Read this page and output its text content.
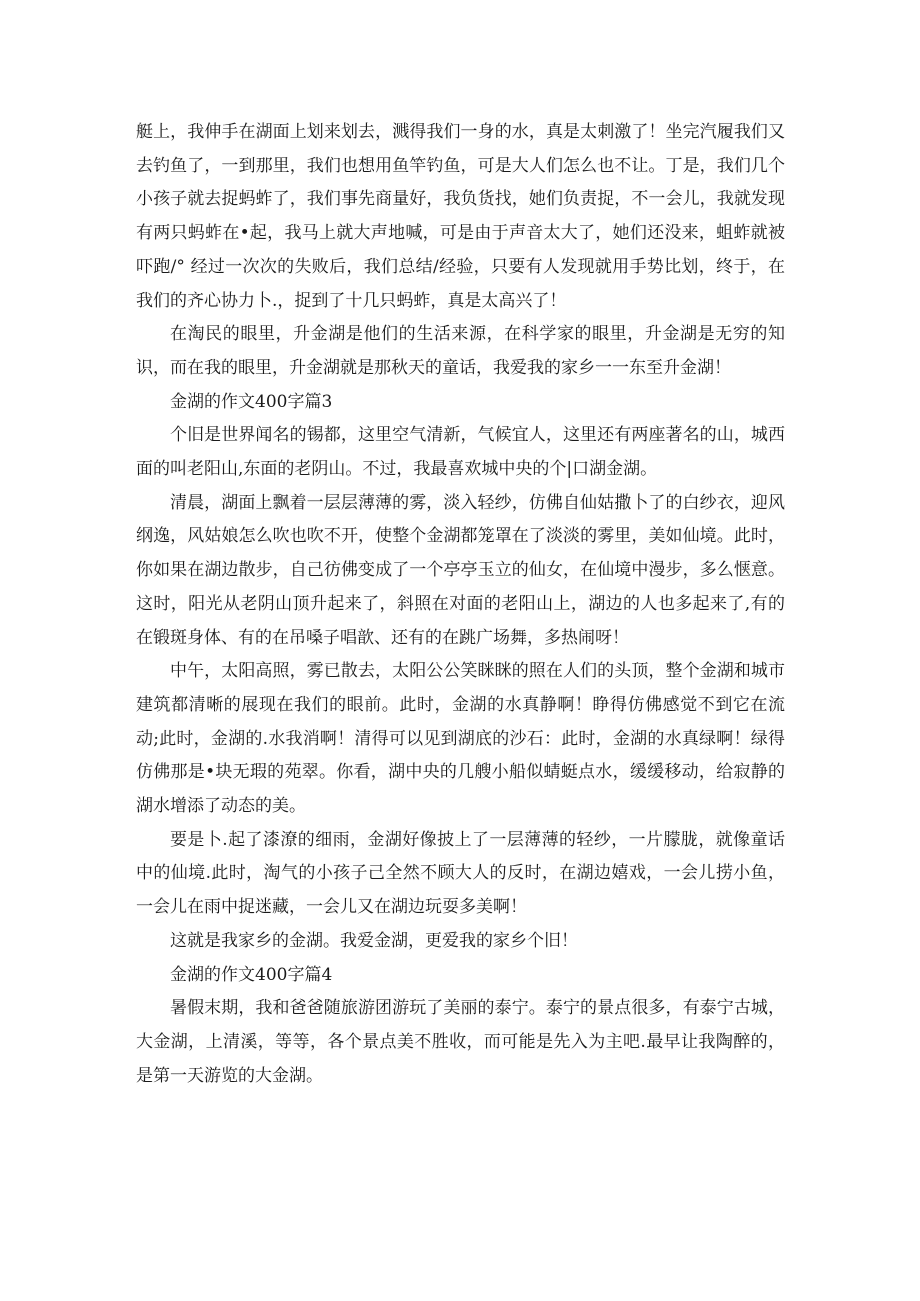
艇上，我伸手在湖面上划来划去，溅得我们一身的水，真是太刺激了！坐完汽履我们又去钓鱼了，一到那里，我们也想用鱼竿钓鱼，可是大人们怎么也不让。丁是，我们几个小孩子就去捉蚂蚱了，我们事先商量好，我负货找，她们负责捉，不一会儿，我就发现有两只蚂蚱在•起，我马上就大声地喊，可是由于声音太大了，她们还没来，蛆蚱就被吓跑/° 经过一次次的失败后，我们总结/经验，只要有人发现就用手势比划，终于，在我们的齐心协力卜.，捉到了十几只蚂蚱，真是太高兴了！

在淘民的眼里，升金湖是他们的生活来源，在科学家的眼里，升金湖是无穷的知识，而在我的眼里，升金湖就是那秋天的童话，我爱我的家乡一一东至升金湖！

金湖的作文400字篇3

个旧是世界闻名的锡都，这里空气清新，气候宜人，这里还有两座著名的山，城西面的叫老阳山,东面的老阴山。不过，我最喜欢城中央的个|口湖金湖。

清晨，湖面上飘着一层层薄薄的雾，淡入轻纱，仿佛自仙姑撒卜了的白纱衣，迎风纲逸，风姑娘怎么吹也吹不开，使整个金湖都笼罩在了淡淡的雾里，美如仙境。此时，你如果在湖边散步，自己彷佛变成了一个亭亭玉立的仙女，在仙境中漫步，多么惬意。这时，阳光从老阴山顶升起来了，斜照在对面的老阳山上，湖边的人也多起来了,有的在锻斑身体、有的在吊嗓子唱歆、还有的在跳广场舞，多热闹呀！

中午，太阳高照，雾已散去，太阳公公笑眯眯的照在人们的头顶，整个金湖和城市建筑都清晰的展现在我们的眼前。此时，金湖的水真静啊！睁得仿佛感觉不到它在流动;此时，金湖的.水我消啊！清得可以见到湖底的沙石：此时，金湖的水真绿啊！绿得仿佛那是•块无瑕的苑翠。你看，湖中央的几艘小船似蜻蜓点水，缓缓移动，给寂静的湖水增添了动态的美。

要是卜.起了漆潦的细雨，金湖好像披上了一层薄薄的轻纱，一片朦胧，就像童话中的仙境.此时，淘气的小孩子己全然不顾大人的反时，在湖边嬉戏，一会儿捞小鱼，一会儿在雨中捉迷藏，一会儿又在湖边玩耍多美啊！

这就是我家乡的金湖。我爱金湖，更爱我的家乡个旧！

金湖的作文400字篇4

暑假末期，我和爸爸随旅游团游玩了美丽的泰宁。泰宁的景点很多，有泰宁古城，大金湖，上清溪，等等，各个景点美不胜收，而可能是先入为主吧.最早让我陶醉的，是第一天游览的大金湖。
